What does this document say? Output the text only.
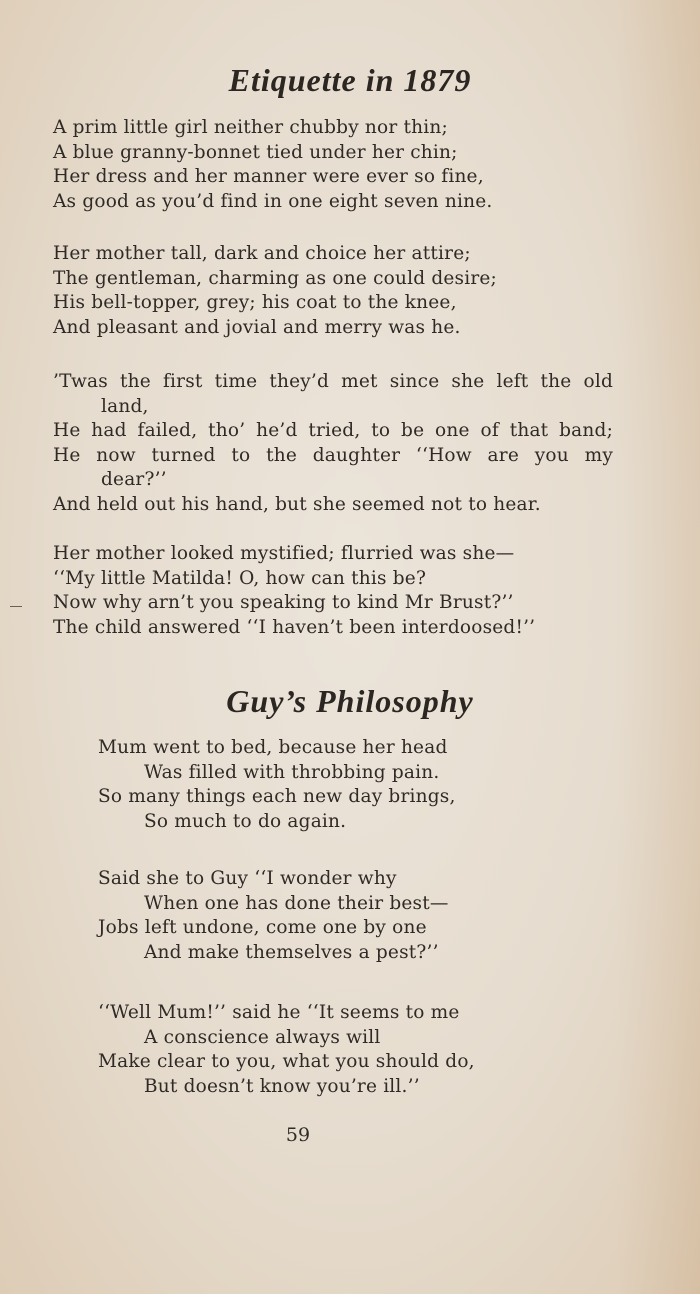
Etiquette in 1879
A prim little girl neither chubby nor thin;
A blue granny-bonnet tied under her chin;
Her dress and her manner were ever so fine,
As good as you’d find in one eight seven nine.
Her mother tall, dark and choice her attire;
The gentleman, charming as one could desire;
His bell-topper, grey; his coat to the knee,
And pleasant and jovial and merry was he.
’Twas the first time they’d met since she left the old
land,
He had failed, tho’ he’d tried, to be one of that band;
He now turned to the daughter ‘‘How are you my
dear?’’
And held out his hand, but she seemed not to hear.
Her mother looked mystified; flurried was she—
‘‘My little Matilda! O, how can this be?
Now why arn’t you speaking to kind Mr Brust?’’
The child answered ‘‘I haven’t been interdoosed!’’
Guy’s Philosophy
Mum went to bed, because her head
Was filled with throbbing pain.
So many things each new day brings,
So much to do again.
Said she to Guy ‘‘I wonder why
When one has done their best—
Jobs left undone, come one by one
And make themselves a pest?’’
‘‘Well Mum!’’ said he ‘‘It seems to me
A conscience always will
Make clear to you, what you should do,
But doesn’t know you’re ill.’’
59
